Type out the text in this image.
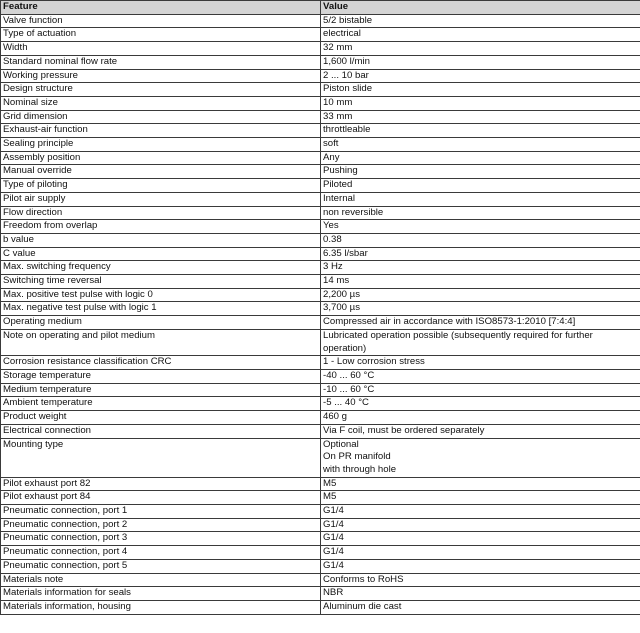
Feature	Value
Valve function	5/2 bistable

Type of actuation	electrical

Width	32 mm

Standard nominal flow rate	1,600 l/min

Working pressure	2 ... 10 bar

Design structure	Piston slide

Nominal size	10 mm

Grid dimension	33 mm

Exhaust-air function	throttleable

Sealing principle	soft

Assembly position	Any

Manual override	Pushing

Type of piloting	Piloted

Pilot air supply	Internal

Flow direction	non reversible

Freedom from overlap	Yes

b value	0.38

C value	6.35 l/sbar

Max. switching frequency	3 Hz

Switching time reversal	14 ms

Max. positive test pulse with logic 0	2,200 µs

Max. negative test pulse with logic 1	3,700 µs

Operating medium	Compressed air in accordance with ISO8573-1:2010 [7:4:4]

Note on operating and pilot medium	Lubricated operation possible (subsequently required for further
operation)

Corrosion resistance classification CRC	1 - Low corrosion stress

Storage temperature	-40 ... 60 °C

Medium temperature	-10 ... 60 °C

Ambient temperature	-5 ... 40 °C

Product weight	460 g

Electrical connection	Via F coil, must be ordered separately

Mounting type	Optional
On PR manifold
with through hole

Pilot exhaust port 82	M5

Pilot exhaust port 84	M5

Pneumatic connection, port 1	G1/4

Pneumatic connection, port 2	G1/4

Pneumatic connection, port 3	G1/4

Pneumatic connection, port 4	G1/4

Pneumatic connection, port 5	G1/4

Materials note	Conforms to RoHS

Materials information for seals	NBR

Materials information, housing	Aluminum die cast
